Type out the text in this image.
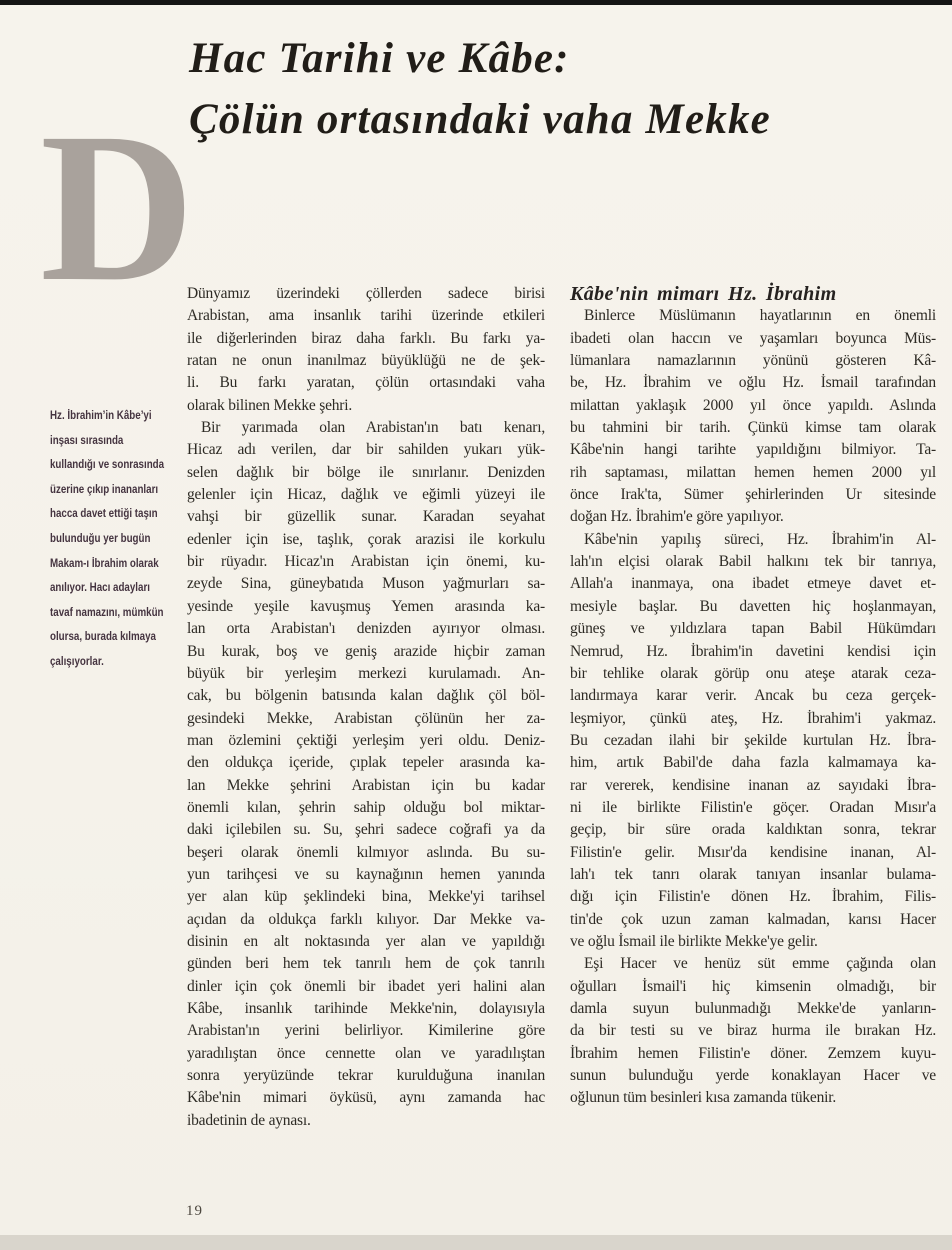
Hac Tarihi ve Kâbe:
Çölün ortasındaki vaha Mekke
D
Hz. İbrahim’in Kâbe’yi
inşası sırasında
kullandığı ve sonrasında
üzerine çıkıp inananları
hacca davet ettiği taşın
bulunduğu yer bugün
Makam-ı İbrahim olarak
anılıyor. Hacı adayları
tavaf namazını, mümkün
olursa, burada kılmaya
çalışıyorlar.
Dünyamız üzerindeki çöllerden sadece birisi
Arabistan, ama insanlık tarihi üzerinde etkileri
ile diğerlerinden biraz daha farklı. Bu farkı ya-
ratan ne onun inanılmaz büyüklüğü ne de şek-
li. Bu farkı yaratan, çölün ortasındaki vaha
olarak bilinen Mekke şehri.
Bir yarımada olan Arabistan'ın batı kenarı,
Hicaz adı verilen, dar bir sahilden yukarı yük-
selen dağlık bir bölge ile sınırlanır. Denizden
gelenler için Hicaz, dağlık ve eğimli yüzeyi ile
vahşi bir güzellik sunar. Karadan seyahat
edenler için ise, taşlık, çorak arazisi ile korkulu
bir rüyadır. Hicaz'ın Arabistan için önemi, ku-
zeyde Sina, güneybatıda Muson yağmurları sa-
yesinde yeşile kavuşmuş Yemen arasında ka-
lan orta Arabistan'ı denizden ayırıyor olması.
Bu kurak, boş ve geniş arazide hiçbir zaman
büyük bir yerleşim merkezi kurulamadı. An-
cak, bu bölgenin batısında kalan dağlık çöl böl-
gesindeki Mekke, Arabistan çölünün her za-
man özlemini çektiği yerleşim yeri oldu. Deniz-
den oldukça içeride, çıplak tepeler arasında ka-
lan Mekke şehrini Arabistan için bu kadar
önemli kılan, şehrin sahip olduğu bol miktar-
daki içilebilen su. Su, şehri sadece coğrafi ya da
beşeri olarak önemli kılmıyor aslında. Bu su-
yun tarihçesi ve su kaynağının hemen yanında
yer alan küp şeklindeki bina, Mekke'yi tarihsel
açıdan da oldukça farklı kılıyor. Dar Mekke va-
disinin en alt noktasında yer alan ve yapıldığı
günden beri hem tek tanrılı hem de çok tanrılı
dinler için çok önemli bir ibadet yeri halini alan
Kâbe, insanlık tarihinde Mekke'nin, dolayısıyla
Arabistan'ın yerini belirliyor. Kimilerine göre
yaradılıştan önce cennette olan ve yaradılıştan
sonra yeryüzünde tekrar kurulduğuna inanılan
Kâbe'nin mimari öyküsü, aynı zamanda hac
ibadetinin de aynası.
Kâbe'nin mimarı Hz. İbrahim
Binlerce Müslümanın hayatlarının en önemli
ibadeti olan haccın ve yaşamları boyunca Müs-
lümanlara namazlarının yönünü gösteren Kâ-
be, Hz. İbrahim ve oğlu Hz. İsmail tarafından
milattan yaklaşık 2000 yıl önce yapıldı. Aslında
bu tahmini bir tarih. Çünkü kimse tam olarak
Kâbe'nin hangi tarihte yapıldığını bilmiyor. Ta-
rih saptaması, milattan hemen hemen 2000 yıl
önce Irak'ta, Sümer şehirlerinden Ur sitesinde
doğan Hz. İbrahim'e göre yapılıyor.
Kâbe'nin yapılış süreci, Hz. İbrahim'in Al-
lah'ın elçisi olarak Babil halkını tek bir tanrıya,
Allah'a inanmaya, ona ibadet etmeye davet et-
mesiyle başlar. Bu davetten hiç hoşlanmayan,
güneş ve yıldızlara tapan Babil Hükümdarı
Nemrud, Hz. İbrahim'in davetini kendisi için
bir tehlike olarak görüp onu ateşe atarak ceza-
landırmaya karar verir. Ancak bu ceza gerçek-
leşmiyor, çünkü ateş, Hz. İbrahim'i yakmaz.
Bu cezadan ilahi bir şekilde kurtulan Hz. İbra-
him, artık Babil'de daha fazla kalmamaya ka-
rar vererek, kendisine inanan az sayıdaki İbra-
ni ile birlikte Filistin'e göçer. Oradan Mısır'a
geçip, bir süre orada kaldıktan sonra, tekrar
Filistin'e gelir. Mısır'da kendisine inanan, Al-
lah'ı tek tanrı olarak tanıyan insanlar bulama-
dığı için Filistin'e dönen Hz. İbrahim, Filis-
tin'de çok uzun zaman kalmadan, karısı Hacer
ve oğlu İsmail ile birlikte Mekke'ye gelir.
Eşi Hacer ve henüz süt emme çağında olan
oğulları İsmail'i hiç kimsenin olmadığı, bir
damla suyun bulunmadığı Mekke'de yanların-
da bir testi su ve biraz hurma ile bırakan Hz.
İbrahim hemen Filistin'e döner. Zemzem kuyu-
sunun bulunduğu yerde konaklayan Hacer ve
oğlunun tüm besinleri kısa zamanda tükenir.
19
